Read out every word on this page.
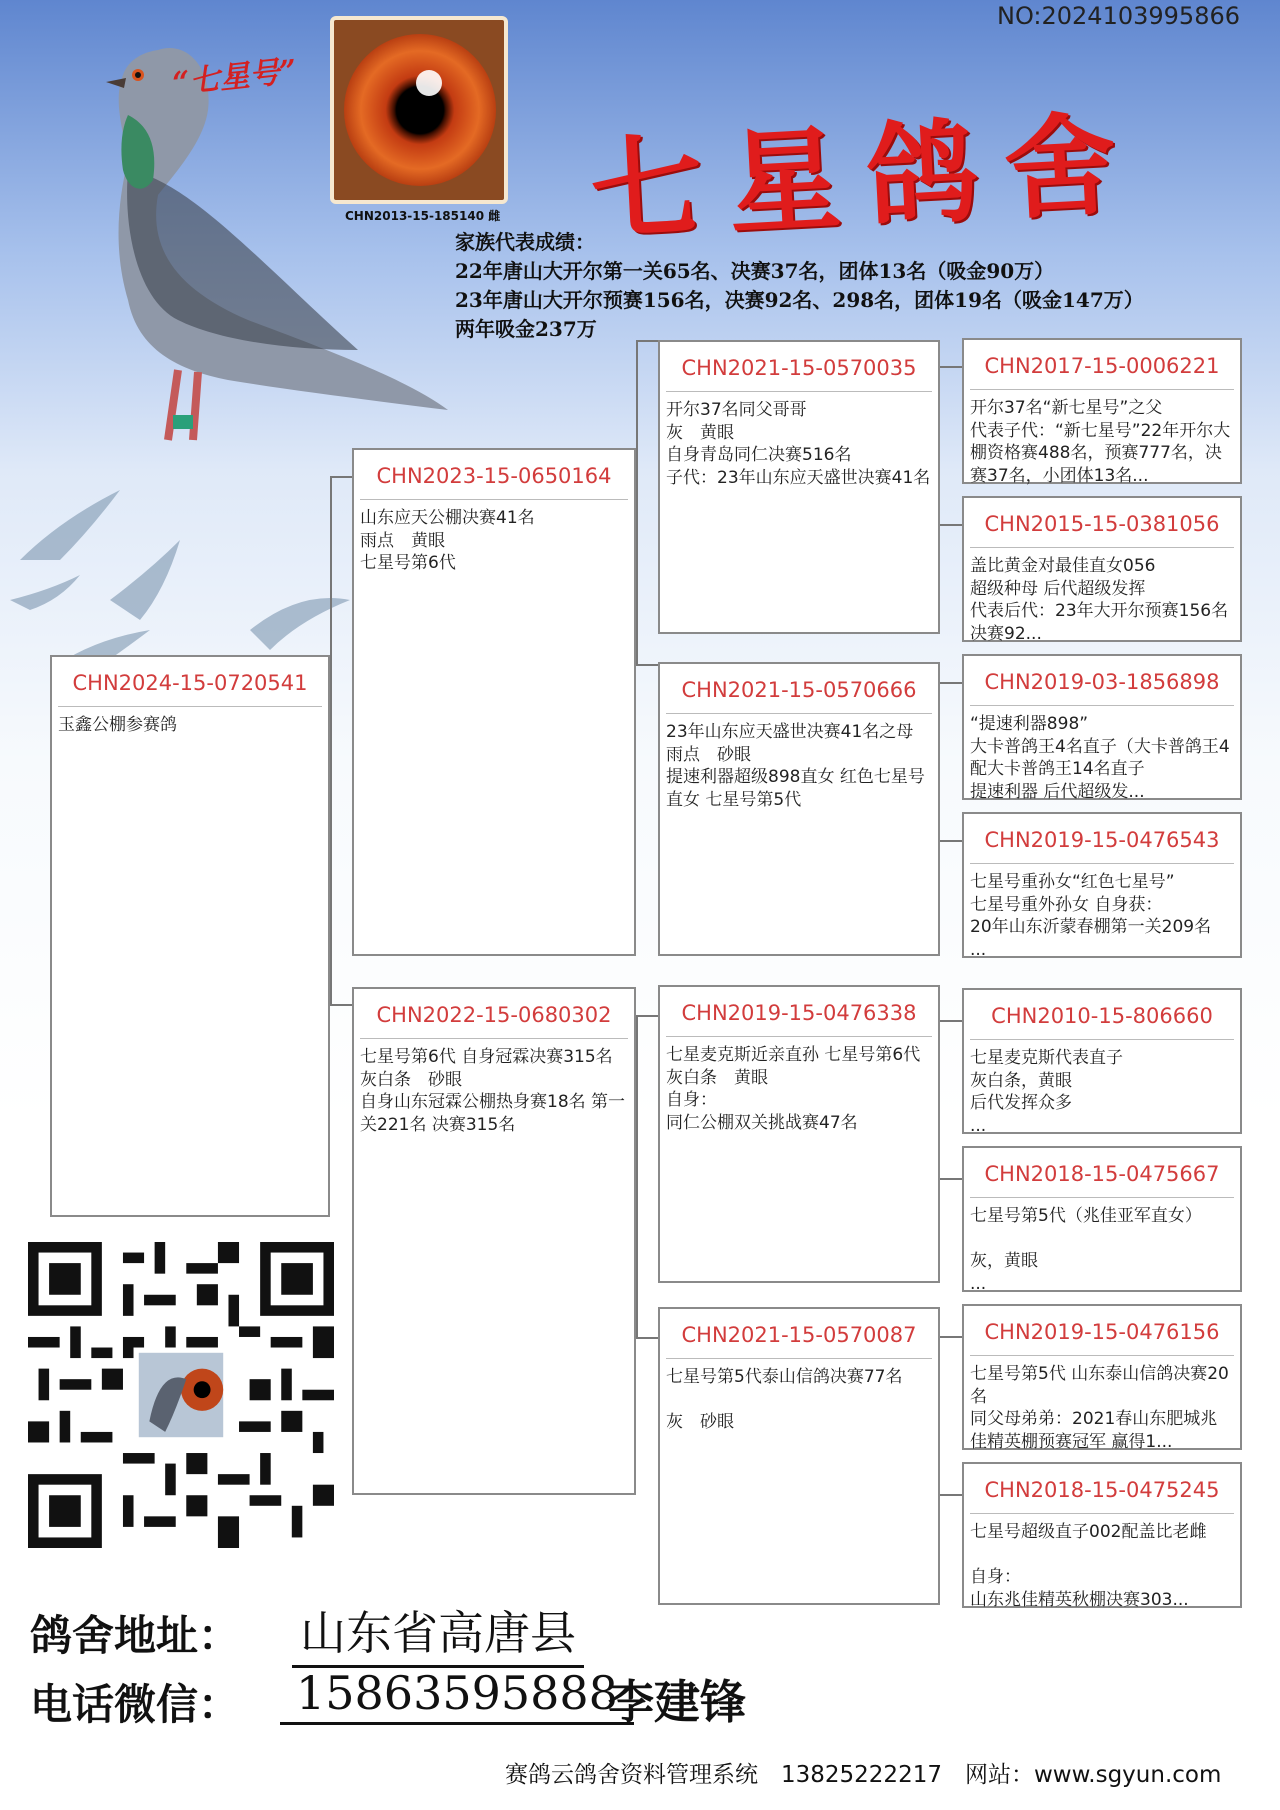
NO:2024103995866
“七星号”
CHN2013-15-185140 雌 七星鸽舍
家族代表成绩：
22年唐山大开尔第一关65名、决赛37名，团体13名（吸金90万）
23年唐山大开尔预赛156名，决赛92名、298名，团体19名（吸金147万）
两年吸金237万
CHN2024-15-0720541
玉鑫公棚参赛鸽
CHN2023-15-0650164
山东应天公棚决赛41名
雨点　黄眼
七星号第6代
CHN2022-15-0680302
七星号第6代 自身冠霖决赛315名
灰白条　砂眼
自身山东冠霖公棚热身赛18名 第一关221名 决赛315名
CHN2021-15-0570035
开尔37名同父哥哥
灰　黄眼
自身青岛同仁决赛516名
子代：23年山东应天盛世决赛41名
CHN2021-15-0570666
23年山东应天盛世决赛41名之母
雨点　砂眼
提速利器超级898直女 红色七星号直女 七星号第5代
CHN2019-15-0476338
七星麦克斯近亲直孙 七星号第6代
灰白条　黄眼
自身：
同仁公棚双关挑战赛47名
CHN2021-15-0570087
七星号第5代泰山信鸽决赛77名

灰　砂眼
CHN2017-15-0006221
开尔37名“新七星号”之父
代表子代：“新七星号”22年开尔大棚资格赛488名，预赛777名，决赛37名，小团体13名...
CHN2015-15-0381056
盖比黄金对最佳直女056
超级种母 后代超级发挥
代表后代：23年大开尔预赛156名 决赛92...
CHN2019-03-1856898
“提速利器898”
大卡普鸽王4名直子（大卡普鸽王4配大卡普鸽王14名直子
提速利器 后代超级发...
CHN2019-15-0476543
七星号重孙女“红色七星号”
七星号重外孙女 自身获：
20年山东沂蒙春棚第一关209名
...
CHN2010-15-806660
七星麦克斯代表直子
灰白条，黄眼
后代发挥众多
...
CHN2018-15-0475667
七星号第5代（兆佳亚军直女）

灰，黄眼
...
CHN2019-15-0476156
七星号第5代 山东泰山信鸽决赛20名
同父母弟弟：2021春山东肥城兆佳精英棚预赛冠军 赢得1...
CHN2018-15-0475245
七星号超级直子002配盖比老雌

自身：
山东兆佳精英秋棚决赛303...
鸽舍地址： 山东省高唐县
电话微信：	15863595888
李建锋
赛鸽云鸽舍资料管理系统　13825222217　网站：www.sgyun.com
